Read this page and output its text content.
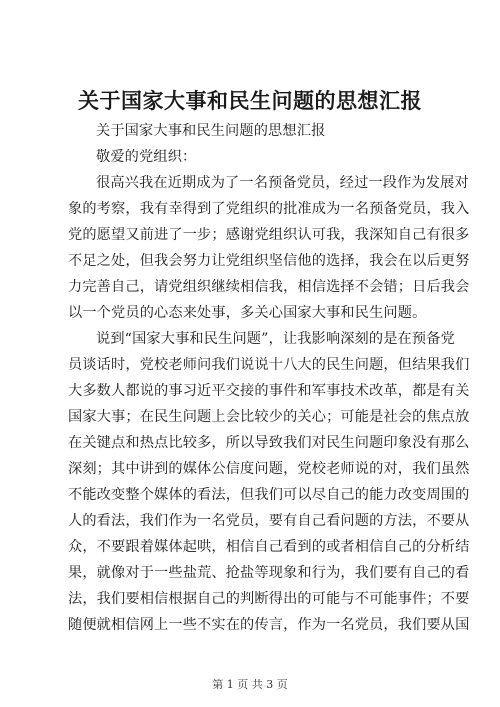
关于国家大事和民生问题的思想汇报
关于国家大事和民生问题的思想汇报
敬爱的党组织：
很高兴我在近期成为了一名预备党员，经过一段作为发展对
象的考察，我有幸得到了党组织的批准成为一名预备党员，我入
党的愿望又前进了一步；感谢党组织认可我，我深知自己有很多
不足之处，但我会努力让党组织坚信他的选择，我会在以后更努
力完善自己，请党组织继续相信我，相信选择不会错；日后我会
以一个党员的心态来处事，多关心国家大事和民生问题。
说到“国家大事和民生问题”，让我影响深刻的是在预备党
员谈话时，党校老师问我们说说十八大的民生问题，但结果我们
大多数人都说的事习近平交接的事件和军事技术改革，都是有关
国家大事；在民生问题上会比较少的关心；可能是社会的焦点放
在关键点和热点比较多，所以导致我们对民生问题印象没有那么
深刻；其中讲到的媒体公信度问题，党校老师说的对，我们虽然
不能改变整个媒体的看法，但我们可以尽自己的能力改变周围的
人的看法，我们作为一名党员，要有自己看问题的方法，不要从
众，不要跟着媒体起哄，相信自己看到的或者相信自己的分析结
果，就像对于一些盐荒、抢盐等现象和行为，我们要有自己的看
法，我们要相信根据自己的判断得出的可能与不可能事件；不要
随便就相信网上一些不实在的传言，作为一名党员，我们要从国
第 1 页 共 3 页
